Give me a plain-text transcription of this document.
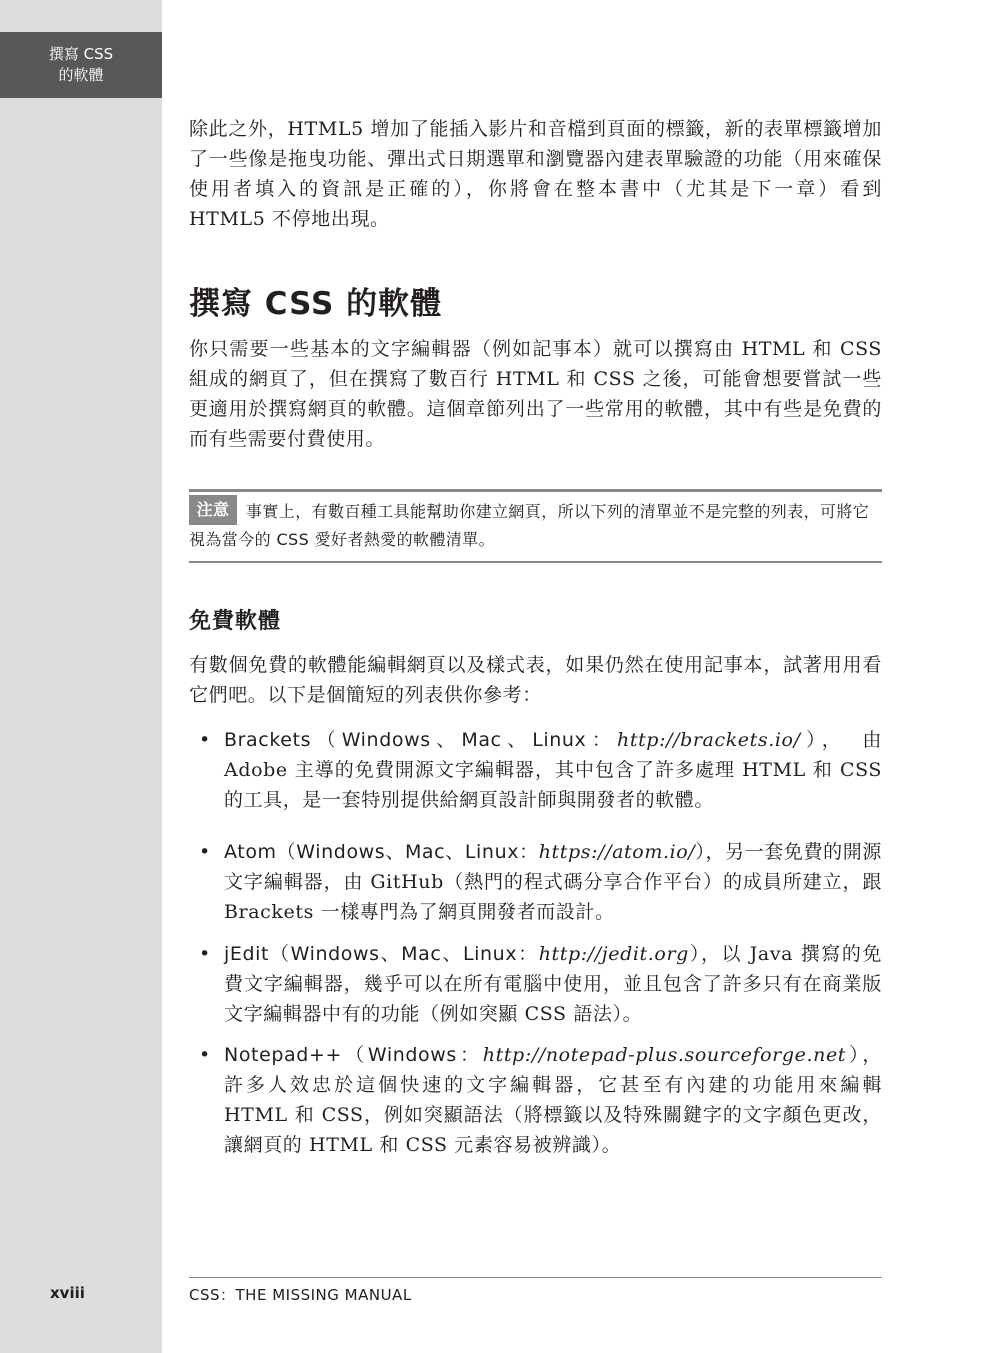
撰寫 CSS
的軟體
xviii

除此之外，HTML5 增加了能插入影片和音檔到頁面的標籤，新的表單標籤增加了一些像是拖曳功能、彈出式日期選單和瀏覽器內建表單驗證的功能（用來確保使用者填入的資訊是正確的），你將會在整本書中（尤其是下一章）看到 HTML5 不停地出現。

撰寫 CSS 的軟體

你只需要一些基本的文字編輯器（例如記事本）就可以撰寫由 HTML 和 CSS 組成的網頁了，但在撰寫了數百行 HTML 和 CSS 之後，可能會想要嘗試一些更適用於撰寫網頁的軟體。這個章節列出了一些常用的軟體，其中有些是免費的而有些需要付費使用。

注意	事實上，有數百種工具能幫助你建立網頁，所以下列的清單並不是完整的列表，可將它視為當今的 CSS 愛好者熱愛的軟體清單。

免費軟體

有數個免費的軟體能編輯網頁以及樣式表，如果仍然在使用記事本，試著用用看它們吧。以下是個簡短的列表供你參考：

• Brackets（Windows、Mac、Linux：http://brackets.io/），　由 Adobe 主導的免費開源文字編輯器，其中包含了許多處理 HTML 和 CSS 的工具，是一套特別提供給網頁設計師與開發者的軟體。
• Atom（Windows、Mac、Linux：https://atom.io/），另一套免費的開源文字編輯器，由 GitHub（熱門的程式碼分享合作平台）的成員所建立，跟 Brackets 一樣專門為了網頁開發者而設計。
• jEdit（Windows、Mac、Linux：http://jedit.org），以 Java 撰寫的免費文字編輯器，幾乎可以在所有電腦中使用，並且包含了許多只有在商業版文字編輯器中有的功能（例如突顯 CSS 語法）。
• Notepad++（Windows：http://notepad-plus.sourceforge.net），許多人效忠於這個快速的文字編輯器，它甚至有內建的功能用來編輯 HTML 和 CSS，例如突顯語法（將標籤以及特殊關鍵字的文字顏色更改，讓網頁的 HTML 和 CSS 元素容易被辨識）。
CSS：THE MISSING MANUAL
